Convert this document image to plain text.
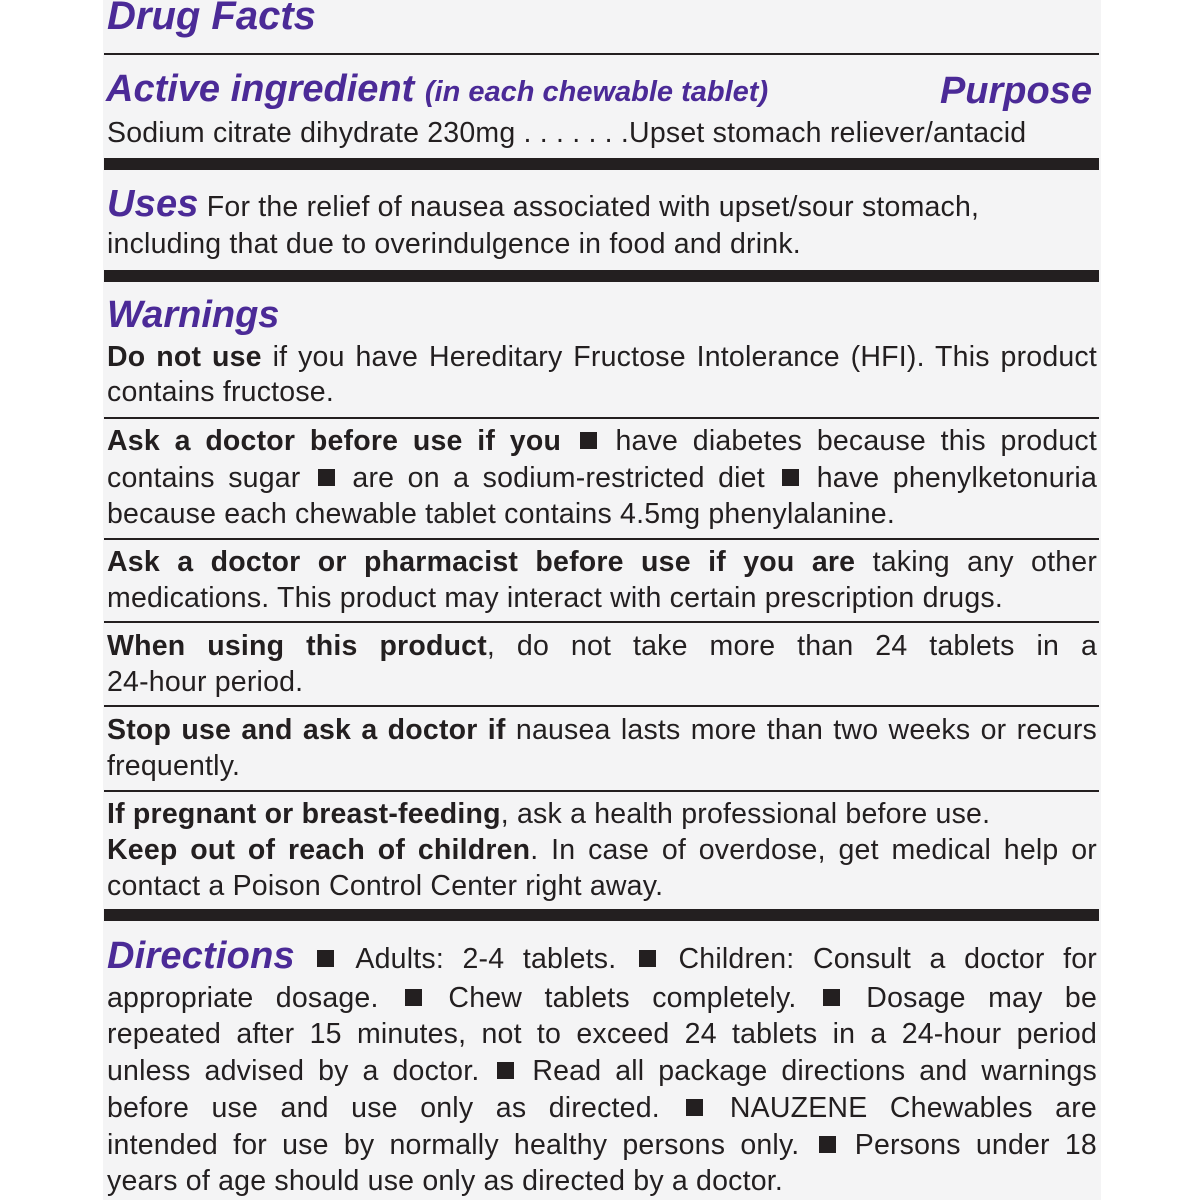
Drug Facts
Active ingredient (in each chewable tablet)	Purpose
Sodium citrate dihydrate 230mg . . . . . . .Upset stomach reliever/antacid
Uses For the relief of nausea associated with upset/sour stomach,
including that due to overindulgence in food and drink.
Warnings
Do not use if you have Hereditary Fructose Intolerance (HFI). This product
contains fructose.
Ask a doctor before use if you have diabetes because this product
contains sugar are on a sodium-restricted diet have phenylketonuria
because each chewable tablet contains 4.5mg phenylalanine.
Ask a doctor or pharmacist before use if you are taking any other
medications. This product may interact with certain prescription drugs.
When using this product, do not take more than 24 tablets in a
24-hour period.
Stop use and ask a doctor if nausea lasts more than two weeks or recurs
frequently.
If pregnant or breast-feeding, ask a health professional before use.
Keep out of reach of children. In case of overdose, get medical help or
contact a Poison Control Center right away.
Directions Adults: 2-4 tablets. Children: Consult a doctor for
appropriate dosage. Chew tablets completely. Dosage may be
repeated after 15 minutes, not to exceed 24 tablets in a 24-hour period
unless advised by a doctor. Read all package directions and warnings
before use and use only as directed. NAUZENE Chewables are
intended for use by normally healthy persons only. Persons under 18
years of age should use only as directed by a doctor.
